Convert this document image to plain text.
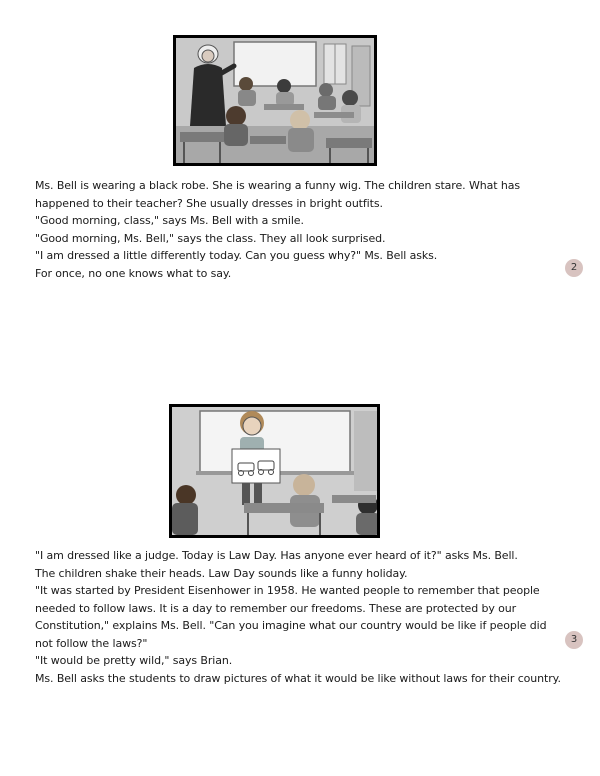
Ms. Bell is wearing a black robe. She is wearing a funny wig. The children stare. What has happened to their teacher? She usually dresses in bright outfits.

"Good morning, class," says Ms. Bell with a smile.

"Good morning, Ms. Bell," says the class. They all look surprised.

"I am dressed a little differently today. Can you guess why?" Ms. Bell asks.

For once, no one knows what to say.	2

"I am dressed like a judge. Today is Law Day. Has anyone ever heard of it?" asks Ms. Bell.

The children shake their heads. Law Day sounds like a funny holiday.

"It was started by President Eisenhower in 1958. He wanted people to remember that people needed to follow laws. It is a day to remember our freedoms. These are protected by our Constitution," explains Ms. Bell. "Can you imagine what our country would be like if people did not follow the laws?"

"It would be pretty wild," says Brian.

Ms. Bell asks the students to draw pictures of what it would be like without laws for their country.

3
